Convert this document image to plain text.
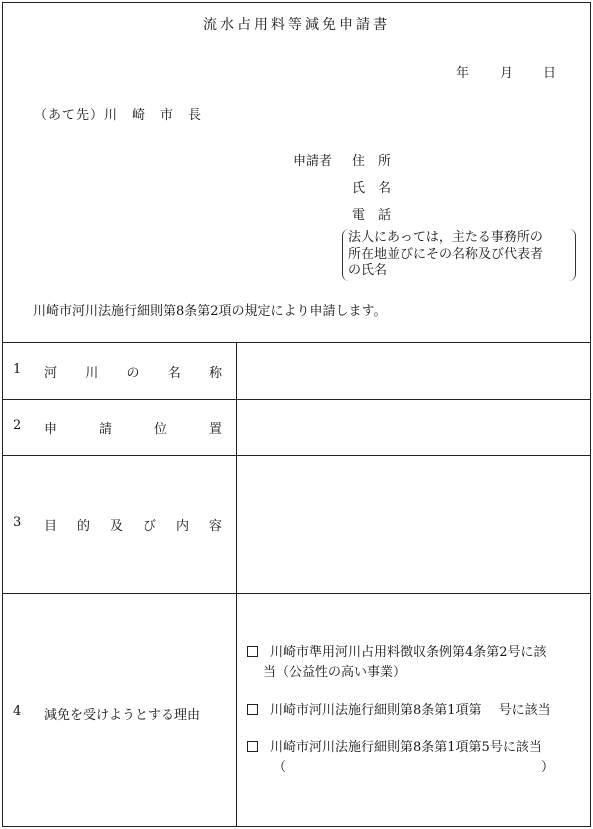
流水占用料等減免申請書
年 月 日
（あて先）川　崎　市　長
申請者 住　所
氏　名
電　話
法人にあっては，主たる事務所の
所在地並びにその名称及び代表者
の氏名
川崎市河川法施行細則第8条第2項の規定により申請します。
1 河 川 の 名 称
2 申	請	位	置
3 目 的 及 び 内 容
4 減免を受けようとする理由
川崎市準用河川占用料徴収条例第4条第2号に該
当（公益性の高い事業）
川崎市河川法施行細則第8条第1項第　 号に該当
川崎市河川法施行細則第8条第1項第5号に該当
（	）
